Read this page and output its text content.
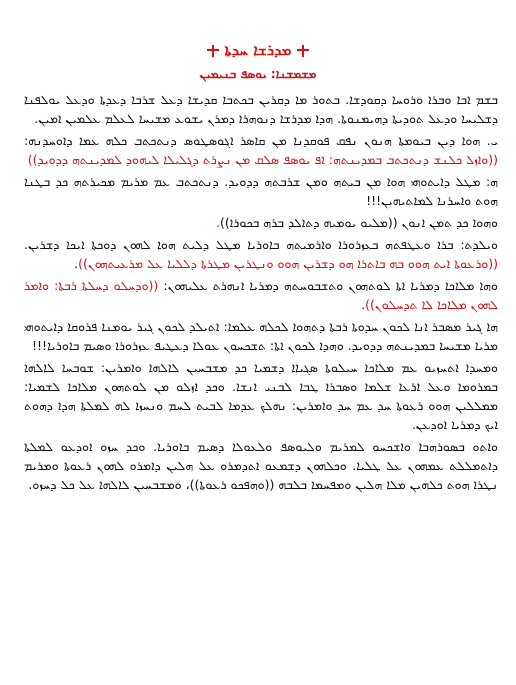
ܡܕܪܫܐ ܚܕܬܐ
ܡܫܡܫܢܐ: ܝܘܣܦ ܒܢܝܡܝܢ

ܒܫܡ ܐܒܐ ܘܒܪܐ ܘܪܘܚܐ ܕܩܘܕܫܐ. ܒܬܘܪ ܡܐ ܕܩܪܝܢ ܒܟܬܒܐ ܩܕܝܫܐ ܕܥܠ ܫܪܒܐ ܕܥܕܬܐ ܘܕܥܠ ܝܘܠܦܢܐ ܕܫܠܝܚܐ ܘܕܥܠ ܬܘܕܝܬܐ ܕܗܝܡܢܘܬܐ. ܗܕܐ ܡܕܪܫܐ ܕܢܘܗܪܐ ܕܡܪܢ ܝܫܘܥ ܡܫܝܚܐ ܠܥܠܡ ܥܠܡܝܢ ܐܡܝܢ.

ܝ. ܗܘܐ ܕܝܢ ܒܝܘܡܬܐ ܗܢܘܢ ܢܦܩ ܦܘܩܕܢܐ ܡܢ ܩܐܣܪ ܐܓܘܣܛܘܣ ܕܢܬܟܬܒ ܟܠܗ ܥܡܐ ܕܐܘܚܕܢܗ: ((ܘܐܙܠ ܟܠܢܫ ܕܢܬܟܬܒ ܒܡܕܝܢܬܗ: ܐܦ ܝܘܣܦ ܣܠܩ ܡܢ ܢܨܪܬ ܕܓܠܝܠܐ ܠܝܗܘܕ ܠܡܕܝܢܬܗ ܕܕܘܝܕ))

ܗ: ܡܛܠ ܕܐܝܬܘܗܝ ܗܘܐ ܡܢ ܒܝܬܗ ܘܡܢ ܫܪܒܬܗ ܕܕܘܝܕ. ܕܢܬܟܬܒ ܥܡ ܡܪܝܡ ܡܟܝܪܬܗ ܟܕ ܒܛܢܐ ܗܘܬ ܘܐܚܪܢܐ ܠܡܐܬܝܗܝܢ!!!

ܘܗܘܐ ܟܕ ܬܡܢ ܐܢܘܢ ((ܡܠܝܘ ܝܘܡܝܗ ܕܬܐܠܕ ܒܪܗ ܒܟܘܪܐ)).

ܘܝܠܕܬ: ܒܪܐ ܘܥܛܦܬܗ ܒܥܙܪܘܪܐ ܘܐܪܡܝܬܗ ܒܐܘܪܝܐ ܡܛܠ ܕܠܝܬ ܗܘܐ ܠܗܘܢ ܕܘܟܬܐ ܐܝܟܐ ܕܫܪܝܢ. ((ܘܪܥܘܬܐ ܐܝܬ ܗܘܘ ܒܗ ܒܐܬܪܐ ܗܘ ܕܫܪܝܢ ܗܘܘ ܘܢܛܪܝܢ ܡܛܪܬܐ ܕܠܠܝܐ ܥܠ ܡܪܥܝܬܗܘܢ)).

ܘܗܐ ܡܠܐܟܐ ܕܡܪܝܐ ܐܬܐ ܠܘܬܗܘܢ ܘܬܫܒܘܚܬܗ ܕܡܪܝܐ ܐܢܗܪܬ ܥܠܝܗܘܢ: ((ܘܕܚܠܘ ܕܚܠܬܐ ܪܒܬܐ: ܘܐܡܪ ܠܗܘܢ ܡܠܐܟܐ ܠܐ ܬܕܚܠܘܢ)).

ܗܐ ܓܝܪ ܡܣܒܪ ܐܢܐ ܠܟܘܢ ܚܕܘܬܐ ܪܒܬܐ ܕܬܗܘܐ ܠܟܠܗ ܥܠܡܐ: ܐܬܝܠܕ ܠܟܘܢ ܓܝܪ ܝܘܡܢܐ ܦܪܘܩܐ ܕܐܝܬܘܗܝ ܡܪܝܐ ܡܫܝܚܐ ܒܡܕܝܢܬܗ ܕܕܘܝܕ. ܘܗܕܐ ܠܟܘܢ ܐܬܐ: ܬܫܟܚܘܢ ܥܘܠܐ ܕܥܛܝܦ ܥܙܪܘܪܐ ܘܣܝܡ ܒܐܘܪܝܐ!!!

ܘܡܚܕܐ ܐܬܚܙܝܘ ܥܡ ܡܠܐܟܐ ܚܝܠܘܬܐ ܣܓܝܐܐ ܕܫܡܝܐ ܟܕ ܡܫܒܚܝܢ ܠܐܠܗܐ ܘܐܡܪܝܢ: ܫܘܒܚܐ ܠܐܠܗܐ ܒܡܪܘܡܐ ܘܥܠ ܐܪܥܐ ܫܠܡܐ ܘܣܒܪܐ ܛܒܐ ܠܒܢܝ ܐܢܫܐ. ܘܟܕ ܐܙܠܘ ܡܢ ܠܘܬܗܘܢ ܡܠܐܟܐ ܠܫܡܝܐ: ܡܡܠܠܝܢ ܗܘܘ ܪܥܘܬܐ ܚܕ ܥܡ ܚܕ ܘܐܡܪܝܢ: ܢܗܠܟ ܥܕܡܐ ܠܒܝܬ ܠܚܡ ܘܢܚܙܐ ܠܗ ܠܡܠܬܐ ܗܕܐ ܕܗܘܬ ܐܝܟ ܕܡܪܝܐ ܐܘܕܥܢ.

ܘܐܬܘ ܒܣܘܪܗܒܐ ܘܐܫܟܚܘ ܠܡܪܝܡ ܘܠܝܘܣܦ ܘܠܥܘܠܐ ܕܣܝܡ ܒܐܘܪܝܐ. ܘܟܕ ܚܙܘ ܐܘܕܥܘ ܠܡܠܬܐ ܕܐܬܡܠܠܬ ܥܡܗܘܢ ܥܠ ܛܠܝܐ. ܘܟܠܗܘܢ ܕܫܡܥܘ ܐܬܕܡܪܘ ܥܠ ܗܠܝܢ ܕܐܡܪܘ ܠܗܘܢ ܪܥܘܬܐ ܘܡܪܝܡ ܢܛܪܐ ܗܘܬ ܟܠܗܝܢ ܡܠܐ ܗܠܝܢ ܘܡܦܚܡܐ ܒܠܒܗ ((ܘܗܦܟܘ ܪܥܘܬܐ))، ܘܡܫܒܚܝܢ ܠܐܠܗܐ ܥܠ ܟܠ ܕܚܙܘ.
